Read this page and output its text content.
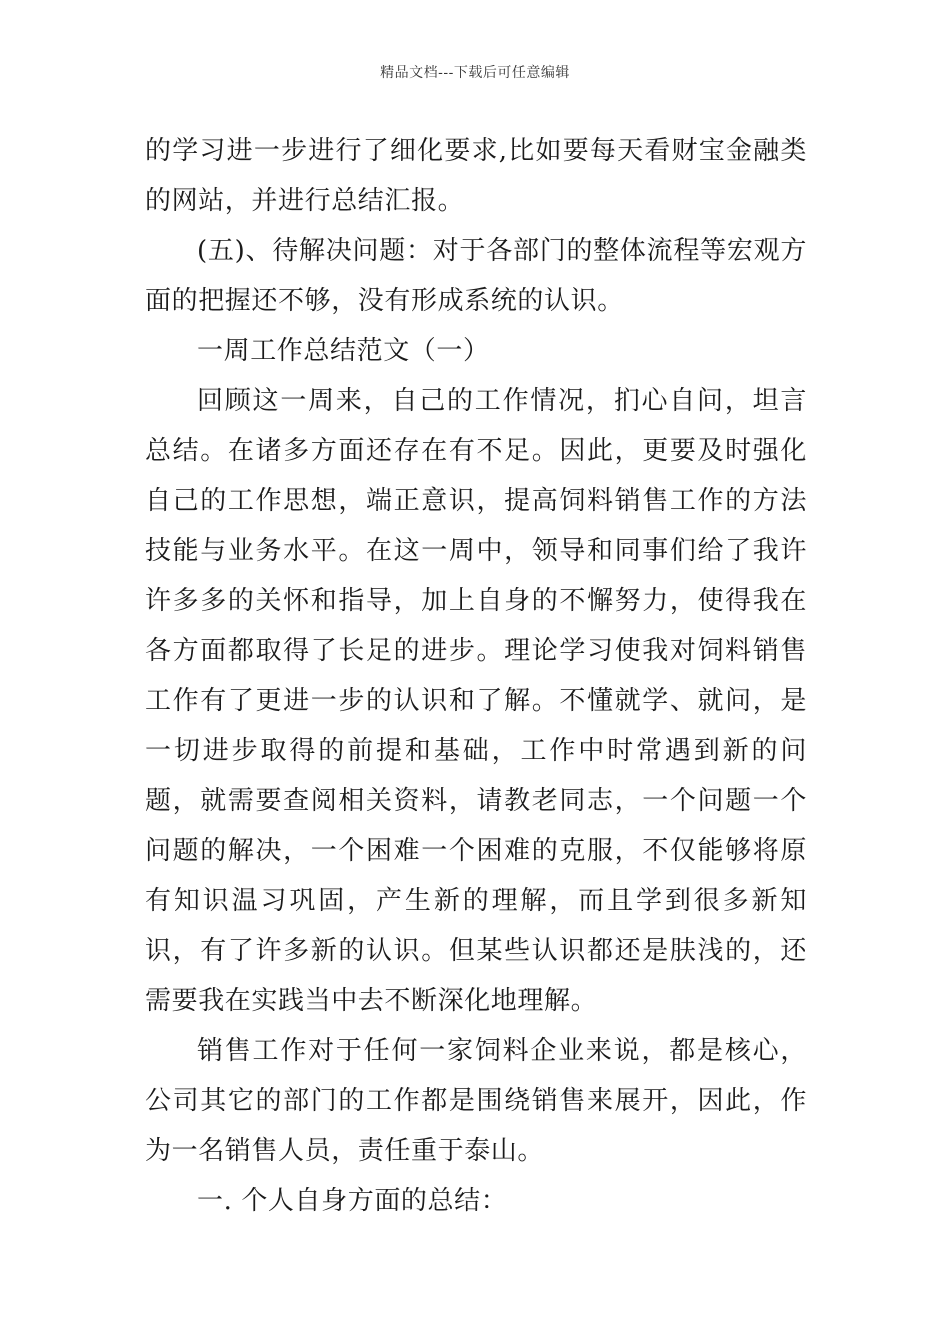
精品文档---下载后可任意编辑

的学习进一步进行了细化要求,比如要每天看财宝金融类的网站，并进行总结汇报。

(五)、待解决问题：对于各部门的整体流程等宏观方面的把握还不够，没有形成系统的认识。

一周工作总结范文（一）

回顾这一周来，自己的工作情况，扪心自问，坦言总结。在诸多方面还存在有不足。因此，更要及时强化自己的工作思想，端正意识，提高饲料销售工作的方法技能与业务水平。在这一周中，领导和同事们给了我许许多多的关怀和指导，加上自身的不懈努力，使得我在各方面都取得了长足的进步。理论学习使我对饲料销售工作有了更进一步的认识和了解。不懂就学、就问，是一切进步取得的前提和基础，工作中时常遇到新的问题，就需要查阅相关资料，请教老同志，一个问题一个问题的解决，一个困难一个困难的克服，不仅能够将原有知识温习巩固，产生新的理解，而且学到很多新知识，有了许多新的认识。但某些认识都还是肤浅的，还需要我在实践当中去不断深化地理解。

销售工作对于任何一家饲料企业来说，都是核心，公司其它的部门的工作都是围绕销售来展开，因此，作为一名销售人员，责任重于泰山。

一. 个人自身方面的总结：
